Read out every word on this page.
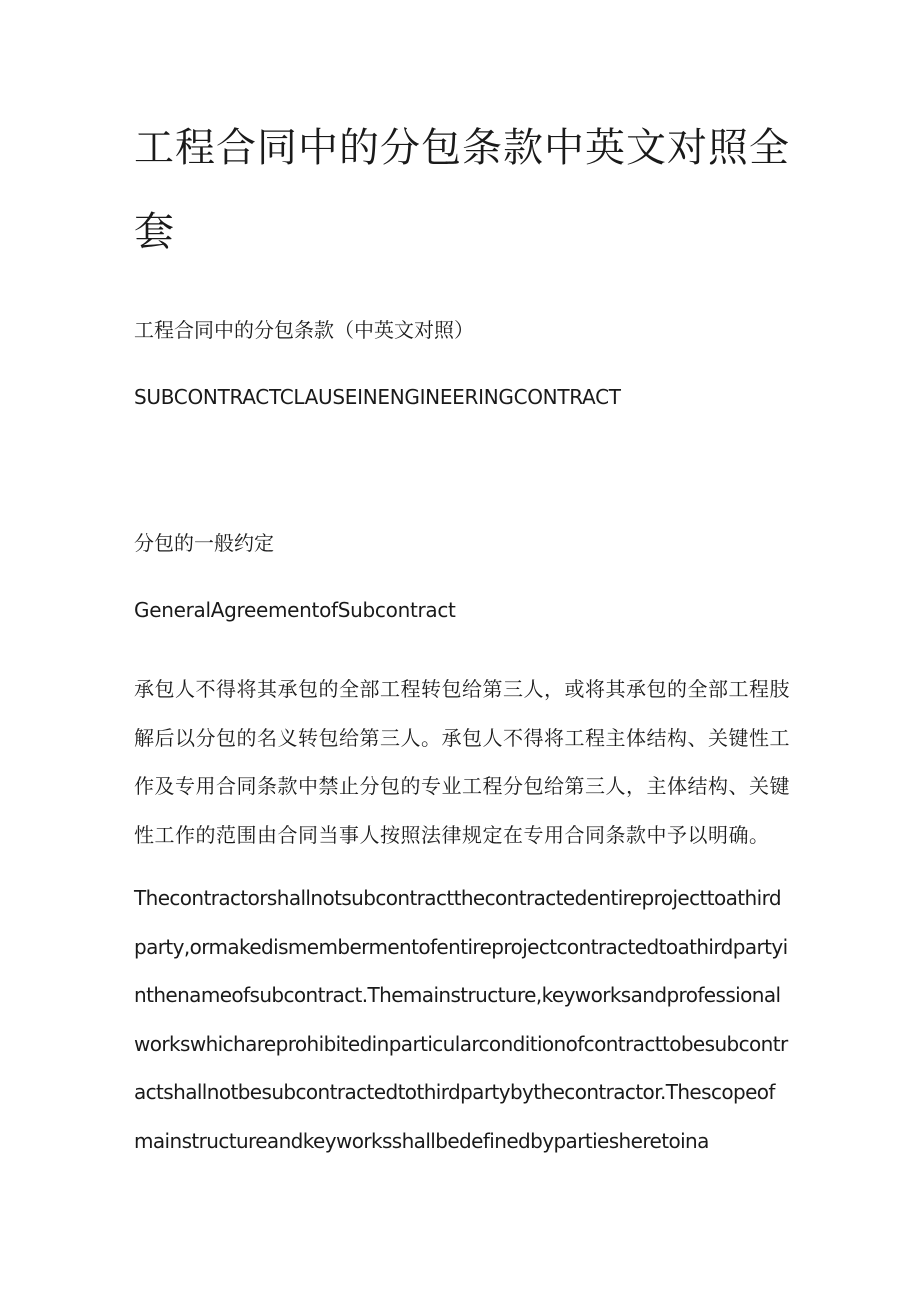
工程合同中的分包条款中英文对照全套

工程合同中的分包条款（中英文对照）

SUBCONTRACTCLAUSEINENGINEERINGCONTRACT

分包的一般约定

GeneralAgreementofSubcontract

承包人不得将其承包的全部工程转包给第三人，或将其承包的全部工程肢解后以分包的名义转包给第三人。承包人不得将工程主体结构、关键性工作及专用合同条款中禁止分包的专业工程分包给第三人，主体结构、关键性工作的范围由合同当事人按照法律规定在专用合同条款中予以明确。

Thecontractorshallnotsubcontractthecontractedentireprojecttoathirdparty,ormakedismembermentofentireprojectcontractedtoathirdpartyinthenameofsubcontract.Themainstructure,keyworksandprofessionalworkswhichareprohibitedinparticularconditionofcontracttobesubcontractshallnotbesubcontractedtothirdpartybythecontractor.Thescopeofmainstructureandkeyworksshallbedefinedbypartiesheretoina
